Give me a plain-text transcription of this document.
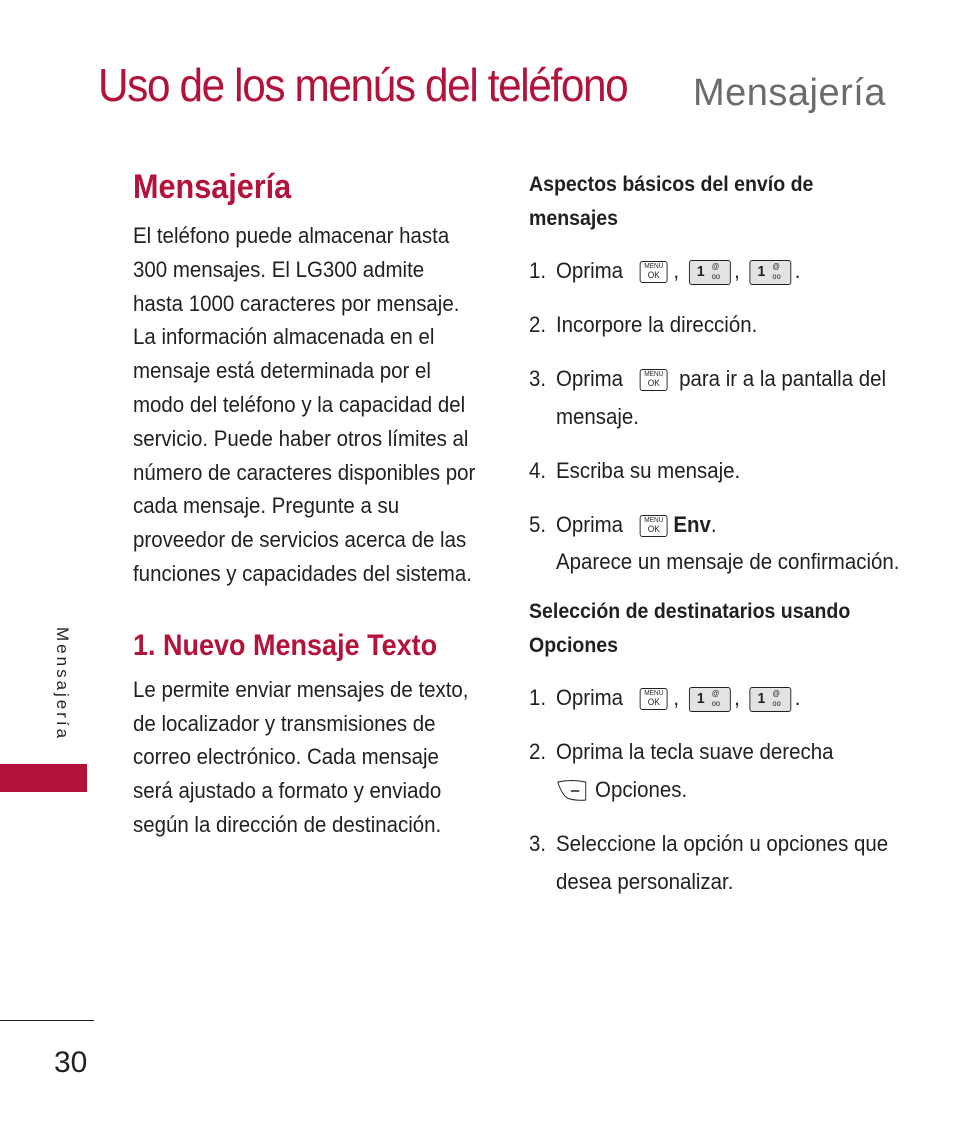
Uso de los menús del teléfono Mensajería
Mensajería
30
Mensajería

El teléfono puede almacenar hasta 300 mensajes. El LG300 admite hasta 1000 caracteres por mensaje. La información almacenada en el mensaje está determinada por el modo del teléfono y la capacidad del servicio. Puede haber otros límites al número de caracteres disponibles por cada mensaje. Pregunte a su proveedor de servicios acerca de las funciones y capacidades del sistema.

1. Nuevo Mensaje Texto

Le permite enviar mensajes de texto, de localizador y transmisiones de correo electrónico. Cada mensaje será ajustado a formato y enviado según la dirección de destinación.

Aspectos básicos del envío de mensajes
1. Oprima	MENU
OK , 1 @
oo , 1 @
oo .
2. Incorpore la dirección.
3. Oprima	MENU
OK para ir a la pantalla del mensaje.
4. Escriba su mensaje.
5. Oprima	MENU
OK Env.
Aparece un mensaje de confirmación.
Selección de destinatarios usando Opciones
1. Oprima	MENU
OK , 1 @
oo , 1 @
oo .
2. Oprima la tecla suave derecha
Opciones.
3. Seleccione la opción u opciones que desea personalizar.
